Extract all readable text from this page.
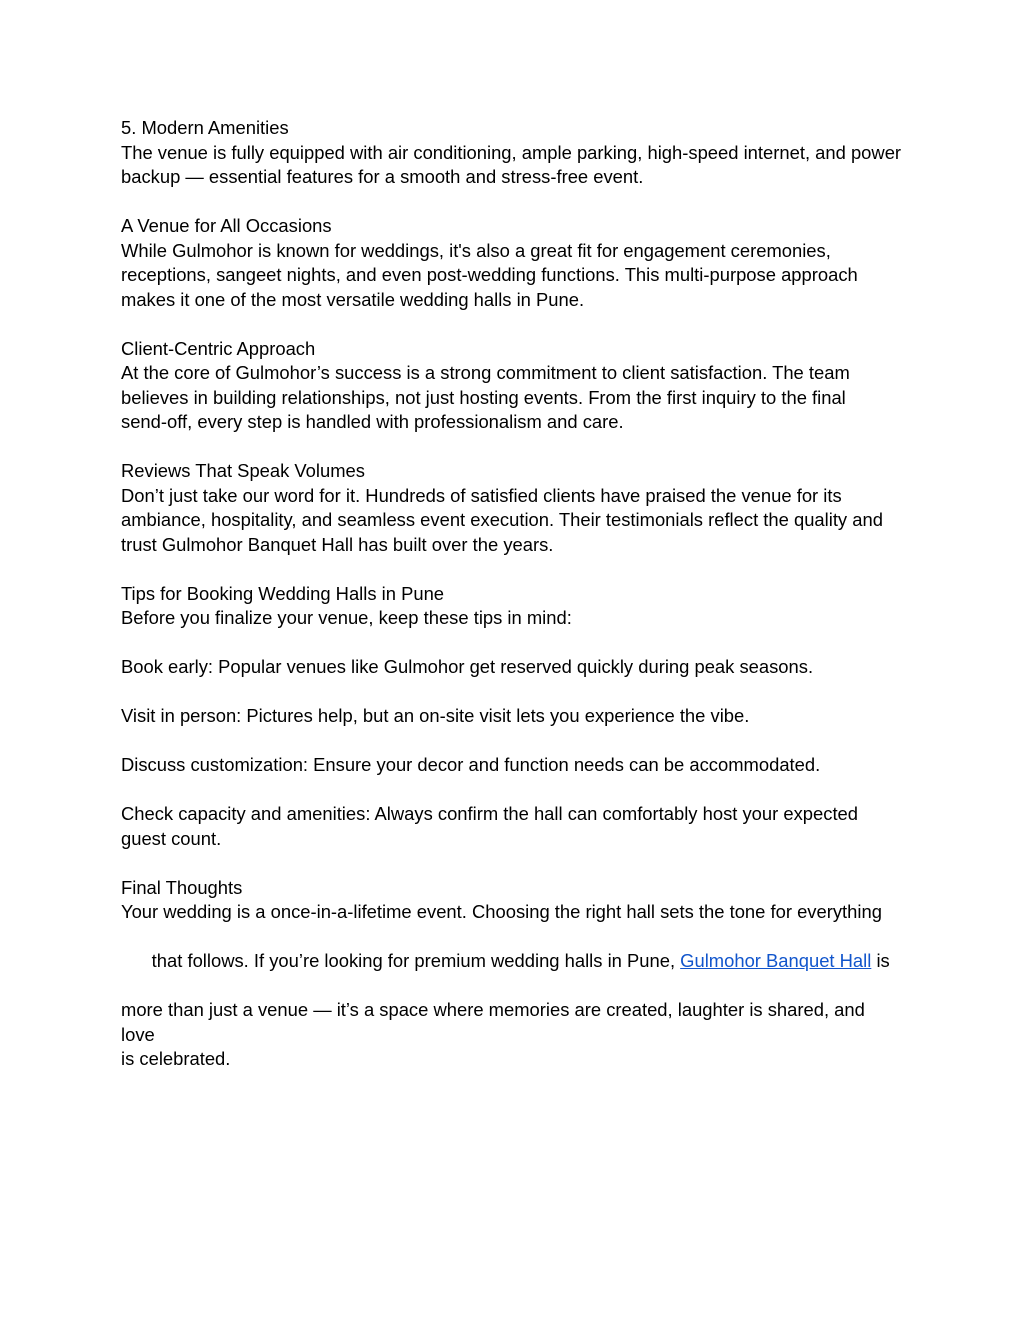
5. Modern Amenities
The venue is fully equipped with air conditioning, ample parking, high-speed internet, and power
backup — essential features for a smooth and stress-free event.
A Venue for All Occasions
While Gulmohor is known for weddings, it's also a great fit for engagement ceremonies,
receptions, sangeet nights, and even post-wedding functions. This multi-purpose approach
makes it one of the most versatile wedding halls in Pune.
Client-Centric Approach
At the core of Gulmohor’s success is a strong commitment to client satisfaction. The team
believes in building relationships, not just hosting events. From the first inquiry to the final
send-off, every step is handled with professionalism and care.
Reviews That Speak Volumes
Don’t just take our word for it. Hundreds of satisfied clients have praised the venue for its
ambiance, hospitality, and seamless event execution. Their testimonials reflect the quality and
trust Gulmohor Banquet Hall has built over the years.
Tips for Booking Wedding Halls in Pune
Before you finalize your venue, keep these tips in mind:
Book early: Popular venues like Gulmohor get reserved quickly during peak seasons.
Visit in person: Pictures help, but an on-site visit lets you experience the vibe.
Discuss customization: Ensure your decor and function needs can be accommodated.
Check capacity and amenities: Always confirm the hall can comfortably host your expected
guest count.
Final Thoughts
Your wedding is a once-in-a-lifetime event. Choosing the right hall sets the tone for everything

that follows. If you’re looking for premium wedding halls in Pune, Gulmohor Banquet Hall is

more than just a venue — it’s a space where memories are created, laughter is shared, and love
is celebrated.
